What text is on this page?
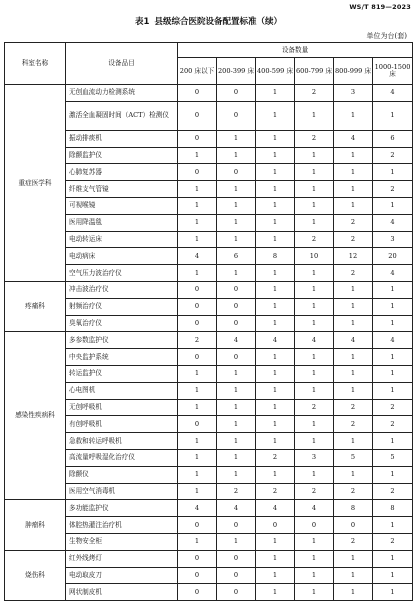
WS/T 819—2023
表1 县级综合医院设备配置标准（续）
单位为台(套)
科室名称	设备品目	设备数量					
		200 床以下	200-399 床	400-599 床	600-799 床	800-999 床	1000-1500 床
重症医学科	无创血流动力检测系统	0	0	1	2	3	4
	激活全血凝固时间（ACT）检测仪	0	0	1	1	1	1
	振动排痰机	0	1	1	2	4	6
	除颤监护仪	1	1	1	1	1	2
	心肺复苏器	0	0	1	1	1	1
	纤维支气管镜	1	1	1	1	1	2
	可视喉镜	1	1	1	1	1	1
	医用降温毯	1	1	1	1	2	4
	电动转运床	1	1	1	2	2	3
	电动病床	4	6	8	10	12	20
	空气压力波治疗仪	1	1	1	1	2	4
疼痛科	冲击波治疗仪	0	0	1	1	1	1
	射频治疗仪	0	0	1	1	1	1
	臭氧治疗仪	0	0	1	1	1	1
感染性疾病科	多参数监护仪	2	4	4	4	4	4
	中央监护系统	0	0	1	1	1	1
	转运监护仪	1	1	1	1	1	1
	心电图机	1	1	1	1	1	1
	无创呼吸机	1	1	1	2	2	2
	有创呼吸机	0	1	1	1	2	2
	急救和转运呼吸机	1	1	1	1	1	1
	高流量呼吸湿化治疗仪	1	1	2	3	5	5
	除颤仪	1	1	1	1	1	1
	医用空气消毒机	1	2	2	2	2	2
肿瘤科	多功能监护仪	4	4	4	4	8	8
	体腔热灌注治疗机	0	0	0	0	0	1
	生物安全柜	1	1	1	1	2	2
烧伤科	红外线烤灯	0	0	1	1	1	1
	电动取皮刀	0	0	1	1	1	1
	网状制皮机	0	0	1	1	1	1
